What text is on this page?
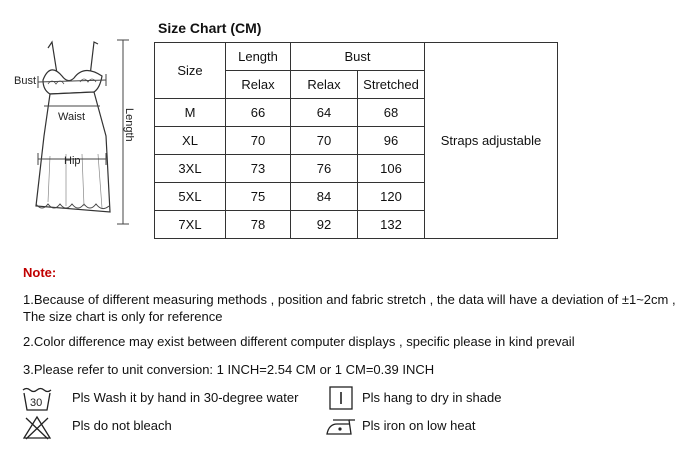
Bust
Waist
Hip
Length
Size Chart (CM)
Size	Length	Bust		Straps adjustable
	Relax	Relax	Stretched	
M	66	64	68	
XL	70	70	96	
3XL	73	76	106	
5XL	75	84	120	
7XL	78	92	132	
Note:
1.Because of different measuring methods , position and fabric stretch , the data will have a deviation of ±1~2cm ,
The size chart is only for reference
2.Color difference may exist between different computer displays , specific please in kind prevail
3.Please refer to unit conversion: 1 INCH=2.54 CM or 1 CM=0.39 INCH
30 Pls Wash it by hand in 30-degree water
Pls do not bleach
Pls hang to dry in shade
Pls iron on low heat
